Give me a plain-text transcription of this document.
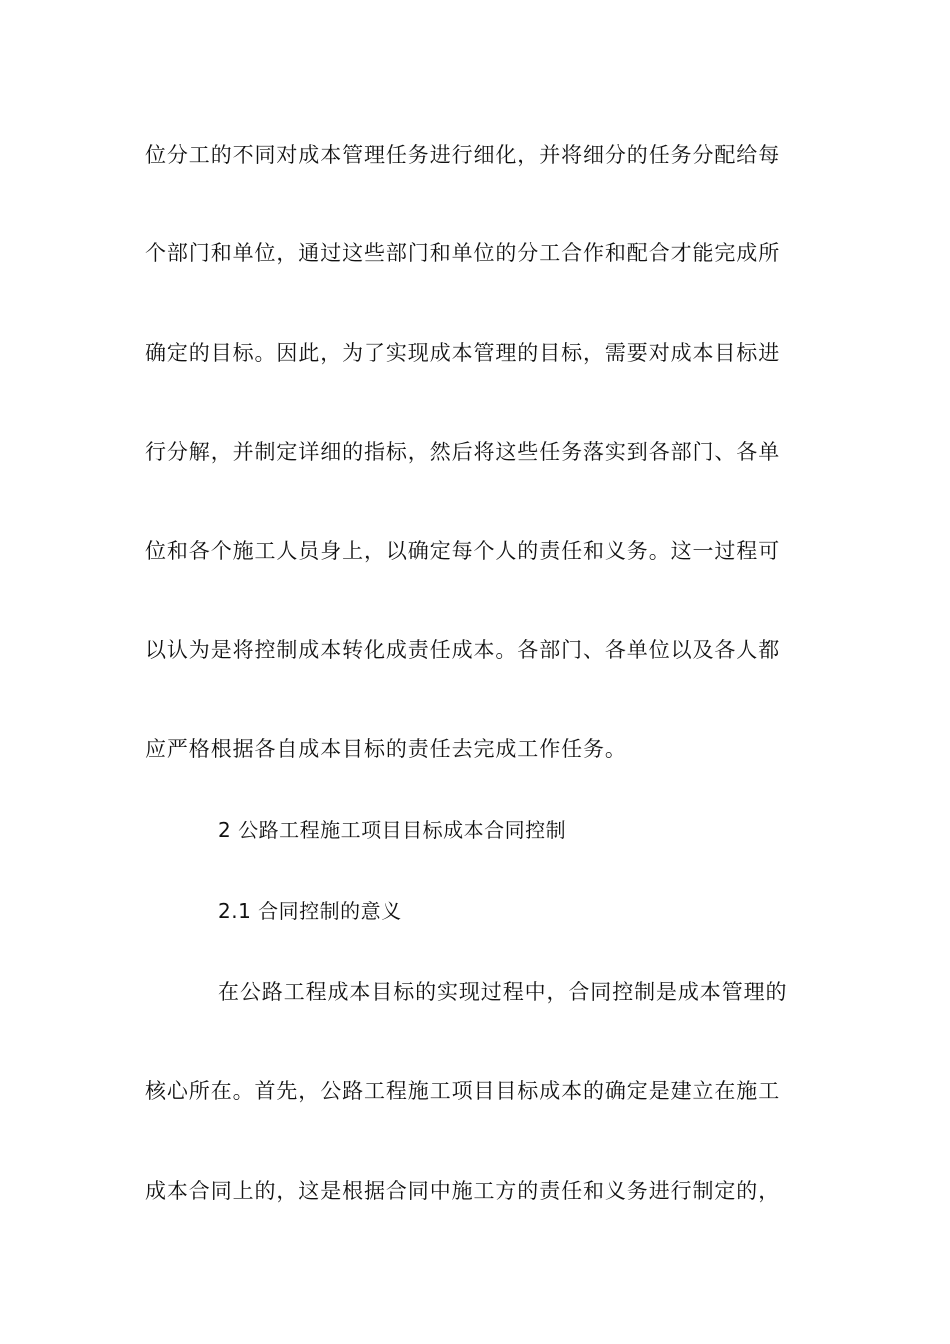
位分工的不同对成本管理任务进行细化，并将细分的任务分配给每
个部门和单位，通过这些部门和单位的分工合作和配合才能完成所
确定的目标。因此，为了实现成本管理的目标，需要对成本目标进
行分解，并制定详细的指标，然后将这些任务落实到各部门、各单
位和各个施工人员身上，以确定每个人的责任和义务。这一过程可
以认为是将控制成本转化成责任成本。各部门、各单位以及各人都
应严格根据各自成本目标的责任去完成工作任务。
2 公路工程施工项目目标成本合同控制
2.1 合同控制的意义
在公路工程成本目标的实现过程中，合同控制是成本管理的
核心所在。首先，公路工程施工项目目标成本的确定是建立在施工
成本合同上的，这是根据合同中施工方的责任和义务进行制定的，
